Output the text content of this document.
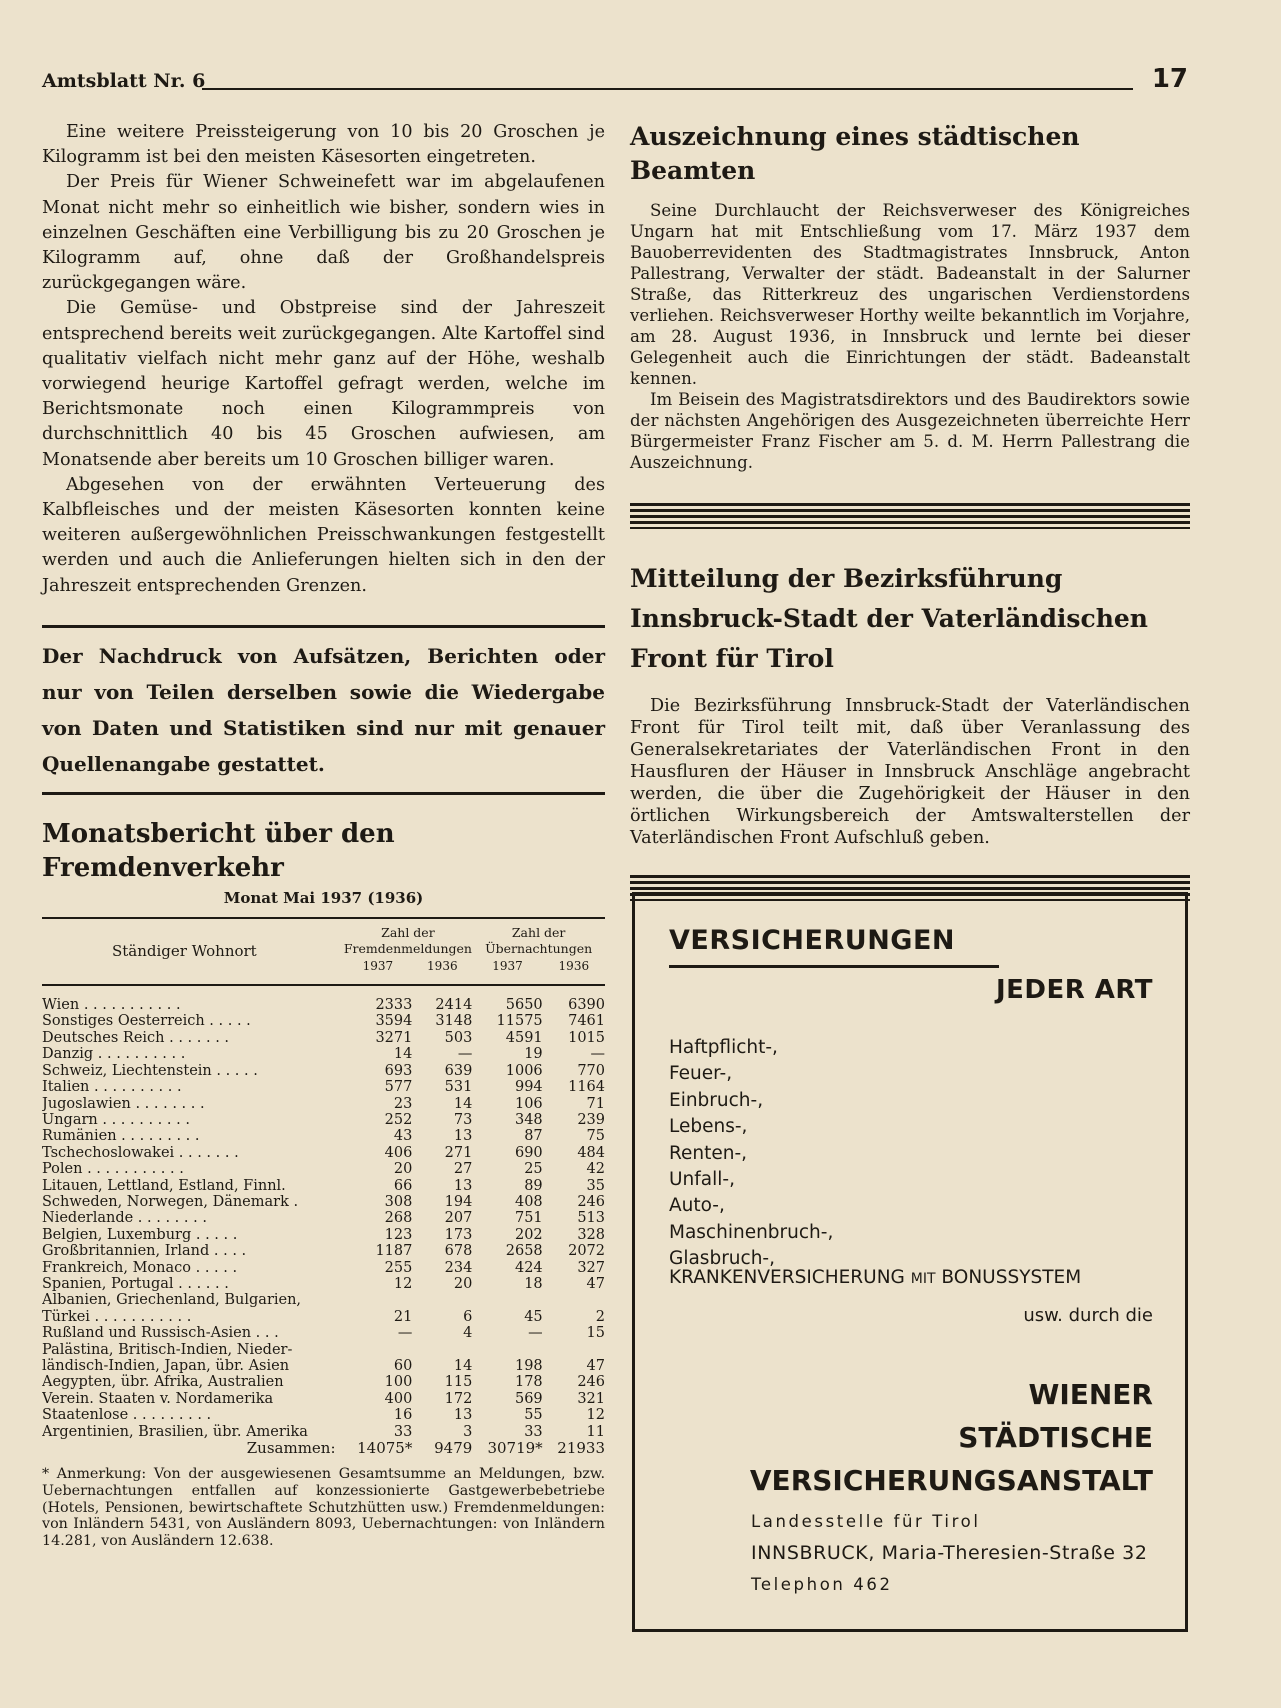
Amtsblatt Nr. 6	17

Eine weitere Preissteigerung von 10 bis 20 Groschen je Kilogramm ist bei den meisten Käsesorten eingetreten.

Der Preis für Wiener Schweinefett war im abgelaufenen Monat nicht mehr so einheitlich wie bisher, sondern wies in einzelnen Geschäften eine Verbilligung bis zu 20 Groschen je Kilogramm auf, ohne daß der Großhandelspreis zurückgegangen wäre.

Die Gemüse- und Obstpreise sind der Jahreszeit entsprechend bereits weit zurückgegangen. Alte Kartoffel sind qualitativ vielfach nicht mehr ganz auf der Höhe, weshalb vorwiegend heurige Kartoffel gefragt werden, welche im Berichtsmonate noch einen Kilogrammpreis von durchschnittlich 40 bis 45 Groschen aufwiesen, am Monatsende aber bereits um 10 Groschen billiger waren.

Abgesehen von der erwähnten Verteuerung des Kalbfleisches und der meisten Käsesorten konnten keine weiteren außergewöhnlichen Preisschwankungen festgestellt werden und auch die Anlieferungen hielten sich in den der Jahreszeit entsprechenden Grenzen.

Der Nachdruck von Aufsätzen, Berichten oder nur von Teilen derselben sowie die Wiedergabe von Daten und Statistiken sind nur mit genauer Quellenangabe gestattet.
Monatsbericht über den Fremdenverkehr
Monat Mai 1937 (1936)
Ständiger Wohnort	Zahl der Fremdenmeldungen		Zahl der Übernachtungen	
	1937	1936	1937	1936

Wien . . . . . . . . . . .	2333	2414	5650	6390
Sonstiges Oesterreich . . . . .	3594	3148	11575	7461
Deutsches Reich . . . . . . .	3271	503	4591	1015
Danzig . . . . . . . . . .	14	—	19	—
Schweiz, Liechtenstein . . . . .	693	639	1006	770
Italien . . . . . . . . . .	577	531	994	1164
Jugoslawien . . . . . . . .	23	14	106	71
Ungarn . . . . . . . . . .	252	73	348	239
Rumänien . . . . . . . . .	43	13	87	75
Tschechoslowakei . . . . . . .	406	271	690	484
Polen . . . . . . . . . . .	20	27	25	42
Litauen, Lettland, Estland, Finnl.	66	13	89	35
Schweden, Norwegen, Dänemark .	308	194	408	246
Niederlande . . . . . . . .	268	207	751	513
Belgien, Luxemburg . . . . .	123	173	202	328
Großbritannien, Irland . . . .	1187	678	2658	2072
Frankreich, Monaco . . . . .	255	234	424	327
Spanien, Portugal . . . . . .	12	20	18	47
Albanien, Griechenland, Bulgarien,				
Türkei . . . . . . . . . . .	21	6	45	2
Rußland und Russisch-Asien . . .	—	4	—	15
Palästina, Britisch-Indien, Nieder-				
ländisch-Indien, Japan, übr. Asien	60	14	198	47
Aegypten, übr. Afrika, Australien	100	115	178	246
Verein. Staaten v. Nordamerika	400	172	569	321
Staatenlose . . . . . . . . .	16	13	55	12
Argentinien, Brasilien, übr. Amerika	33	3	33	11
Zusammen:	14075*	9479	30719*	21933
* Anmerkung: Von der ausgewiesenen Gesamtsumme an Meldungen, bzw. Uebernachtungen entfallen auf konzessionierte Gastgewerbebetriebe (Hotels, Pensionen, bewirtschaftete Schutzhütten usw.) Fremdenmeldungen: von Inländern 5431, von Ausländern 8093, Uebernachtungen: von Inländern 14.281, von Ausländern 12.638.
Auszeichnung eines städtischen Beamten

Seine Durchlaucht der Reichsverweser des Königreiches Ungarn hat mit Entschließung vom 17. März 1937 dem Bauoberrevidenten des Stadtmagistrates Innsbruck, Anton Pallestrang, Verwalter der städt. Badeanstalt in der Salurner Straße, das Ritterkreuz des ungarischen Verdienstordens verliehen. Reichsverweser Horthy weilte bekanntlich im Vorjahre, am 28. August 1936, in Innsbruck und lernte bei dieser Gelegenheit auch die Einrichtungen der städt. Badeanstalt kennen.

Im Beisein des Magistratsdirektors und des Baudirektors sowie der nächsten Angehörigen des Ausgezeichneten überreichte Herr Bürgermeister Franz Fischer am 5. d. M. Herrn Pallestrang die Auszeichnung.

Mitteilung der Bezirksführung Innsbruck-Stadt der Vaterländischen Front für Tirol

Die Bezirksführung Innsbruck-Stadt der Vaterländischen Front für Tirol teilt mit, daß über Veranlassung des Generalsekretariates der Vaterländischen Front in den Hausfluren der Häuser in Innsbruck Anschläge angebracht werden, die über die Zugehörigkeit der Häuser in den örtlichen Wirkungsbereich der Amtswalterstellen der Vaterländischen Front Aufschluß geben.

VERSICHERUNGEN
JEDER ART
Haftpflicht-,
Feuer-,
Einbruch-,
Lebens-,
Renten-,
Unfall-,
Auto-,
Maschinenbruch-,
Glasbruch-,
KRANKENVERSICHERUNG MIT BONUSSYSTEM
usw. durch die
WIENER
STÄDTISCHE
VERSICHERUNGSANSTALT
Landesstelle für Tirol
INNSBRUCK, Maria-Theresien-Straße 32
Telephon 462
